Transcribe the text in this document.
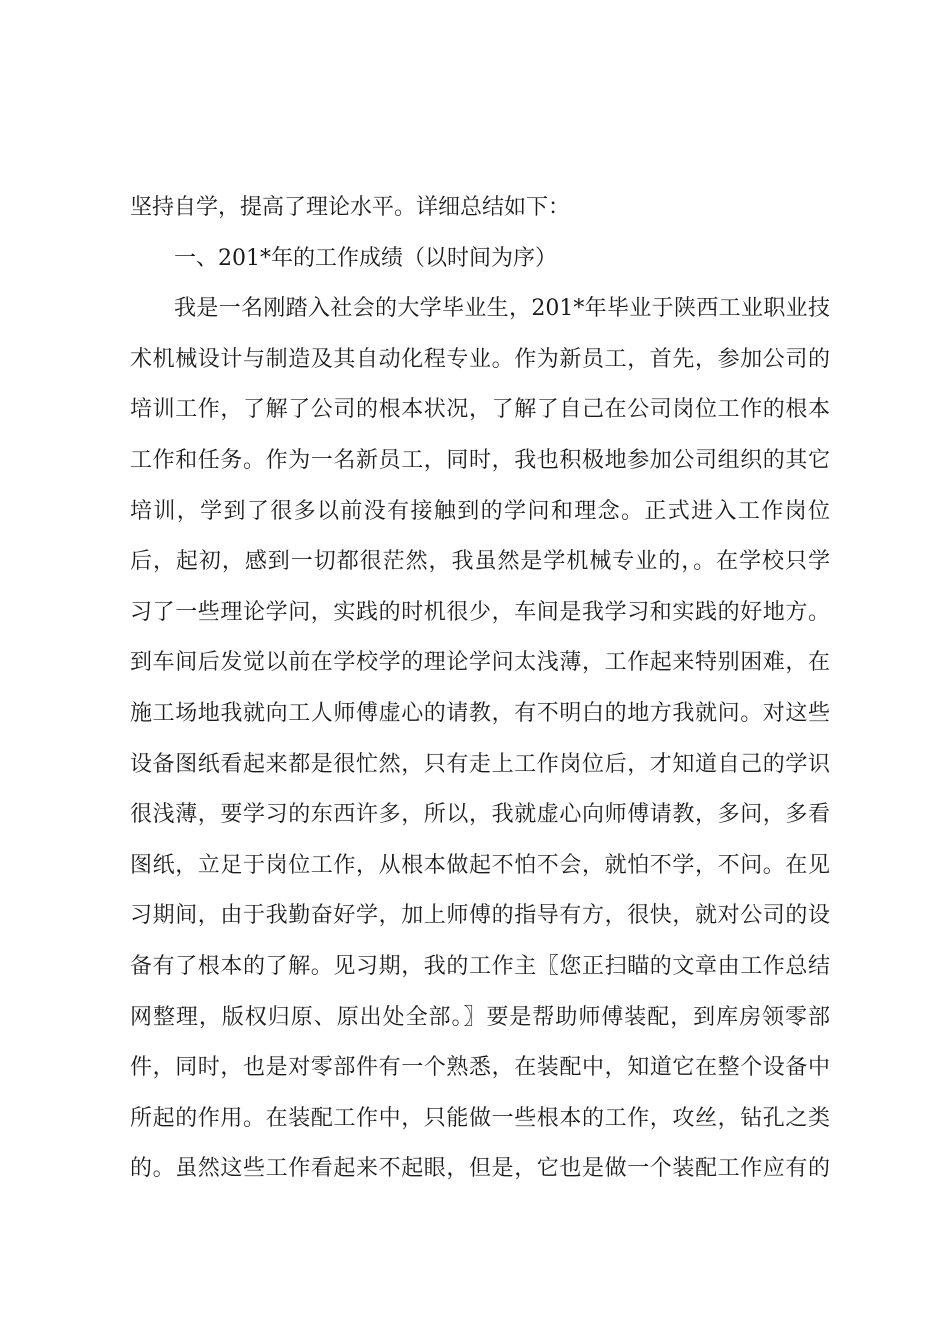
坚持自学，提高了理论水平。详细总结如下：
一、201*年的工作成绩（以时间为序）
我是一名刚踏入社会的大学毕业生，201*年毕业于陕西工业职业技
术机械设计与制造及其自动化程专业。作为新员工，首先，参加公司的
培训工作，了解了公司的根本状况，了解了自己在公司岗位工作的根本
工作和任务。作为一名新员工，同时，我也积极地参加公司组织的其它
培训，学到了很多以前没有接触到的学问和理念。正式进入工作岗位
后，起初，感到一切都很茫然，我虽然是学机械专业的，。在学校只学
习了一些理论学问，实践的时机很少，车间是我学习和实践的好地方。
到车间后发觉以前在学校学的理论学问太浅薄，工作起来特别困难，在
施工场地我就向工人师傅虚心的请教，有不明白的地方我就问。对这些
设备图纸看起来都是很忙然，只有走上工作岗位后，才知道自己的学识
很浅薄，要学习的东西许多，所以，我就虚心向师傅请教，多问，多看
图纸，立足于岗位工作，从根本做起不怕不会，就怕不学，不问。在见
习期间，由于我勤奋好学，加上师傅的指导有方，很快，就对公司的设
备有了根本的了解。见习期，我的工作主〖您正扫瞄的文章由工作总结
网整理，版权归原、原出处全部。〗要是帮助师傅装配，到库房领零部
件，同时，也是对零部件有一个熟悉，在装配中，知道它在整个设备中
所起的作用。在装配工作中，只能做一些根本的工作，攻丝，钻孔之类
的。虽然这些工作看起来不起眼，但是，它也是做一个装配工作应有的
